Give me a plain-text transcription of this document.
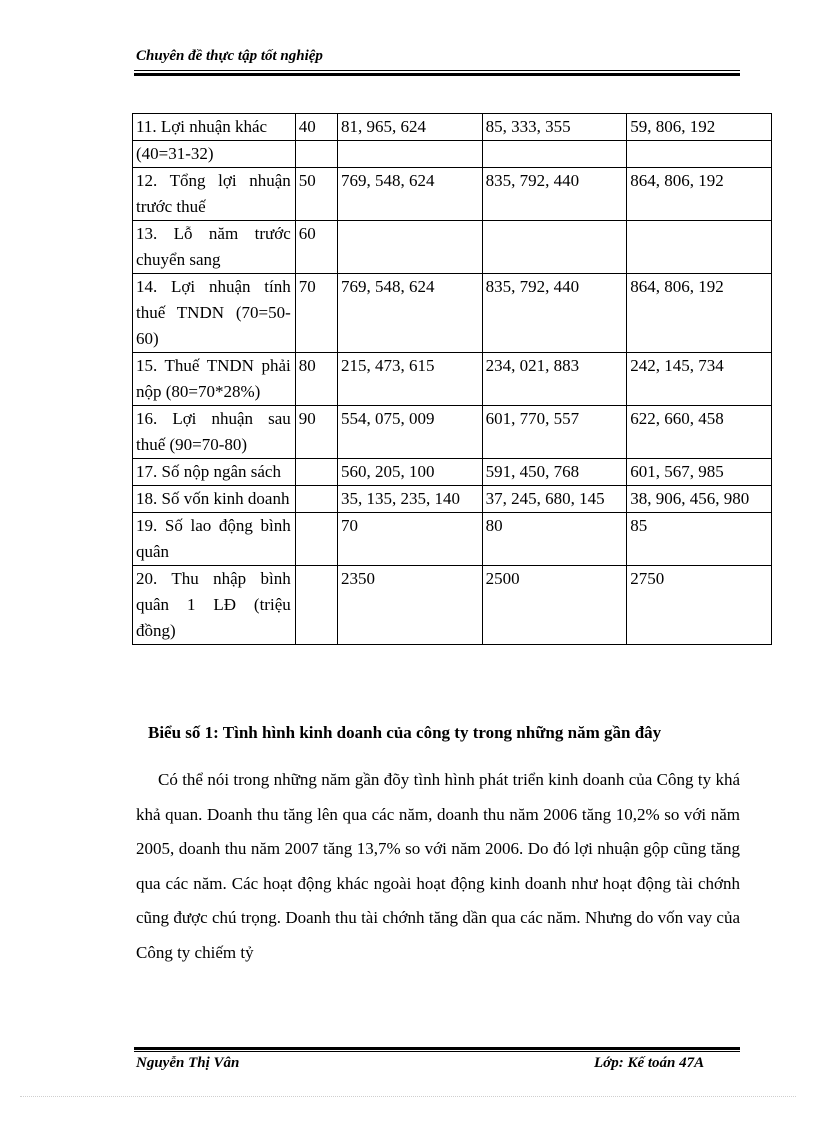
Chuyên đề thực tập tốt nghiệp
11. Lợi nhuận khác	40	81, 965, 624	85, 333, 355	59, 806, 192
(40=31-32)				
12. Tổng lợi nhuận trước thuế	50	769, 548, 624	835, 792, 440	864, 806, 192
13. Lỗ năm trước chuyển sang	60			
14. Lợi nhuận tính thuế TNDN (70=50-60)	70	769, 548, 624	835, 792, 440	864, 806, 192
15. Thuế TNDN phải nộp (80=70*28%)	80	215, 473, 615	234, 021, 883	242, 145, 734
16. Lợi nhuận sau thuế (90=70-80)	90	554, 075, 009	601, 770, 557	622, 660, 458
17. Số nộp ngân sách		560, 205, 100	591, 450, 768	601, 567, 985
18. Số vốn kinh doanh		35, 135, 235, 140	37, 245, 680, 145	38, 906, 456, 980
19. Số lao động bình quân		70	80	85
20. Thu nhập bình quân 1 LĐ (triệu đồng)		2350	2500	2750
Biểu số 1: Tình hình kinh doanh của công ty trong những năm gần đây

Có thể nói trong những năm gần đõy tình hình phát triển kinh doanh của Công ty khá khả quan. Doanh thu tăng lên qua các năm, doanh thu năm 2006 tăng 10,2% so với năm 2005, doanh thu năm 2007 tăng 13,7% so với năm 2006. Do đó lợi nhuận gộp cũng tăng qua các năm. Các hoạt động khác ngoài hoạt động kinh doanh như hoạt động tài chớnh cũng được chú trọng. Doanh thu tài chớnh tăng dần qua các năm. Nhưng do vốn vay của Công ty chiếm tỷ

Nguyễn Thị Vân	Lớp: Kế toán 47A
